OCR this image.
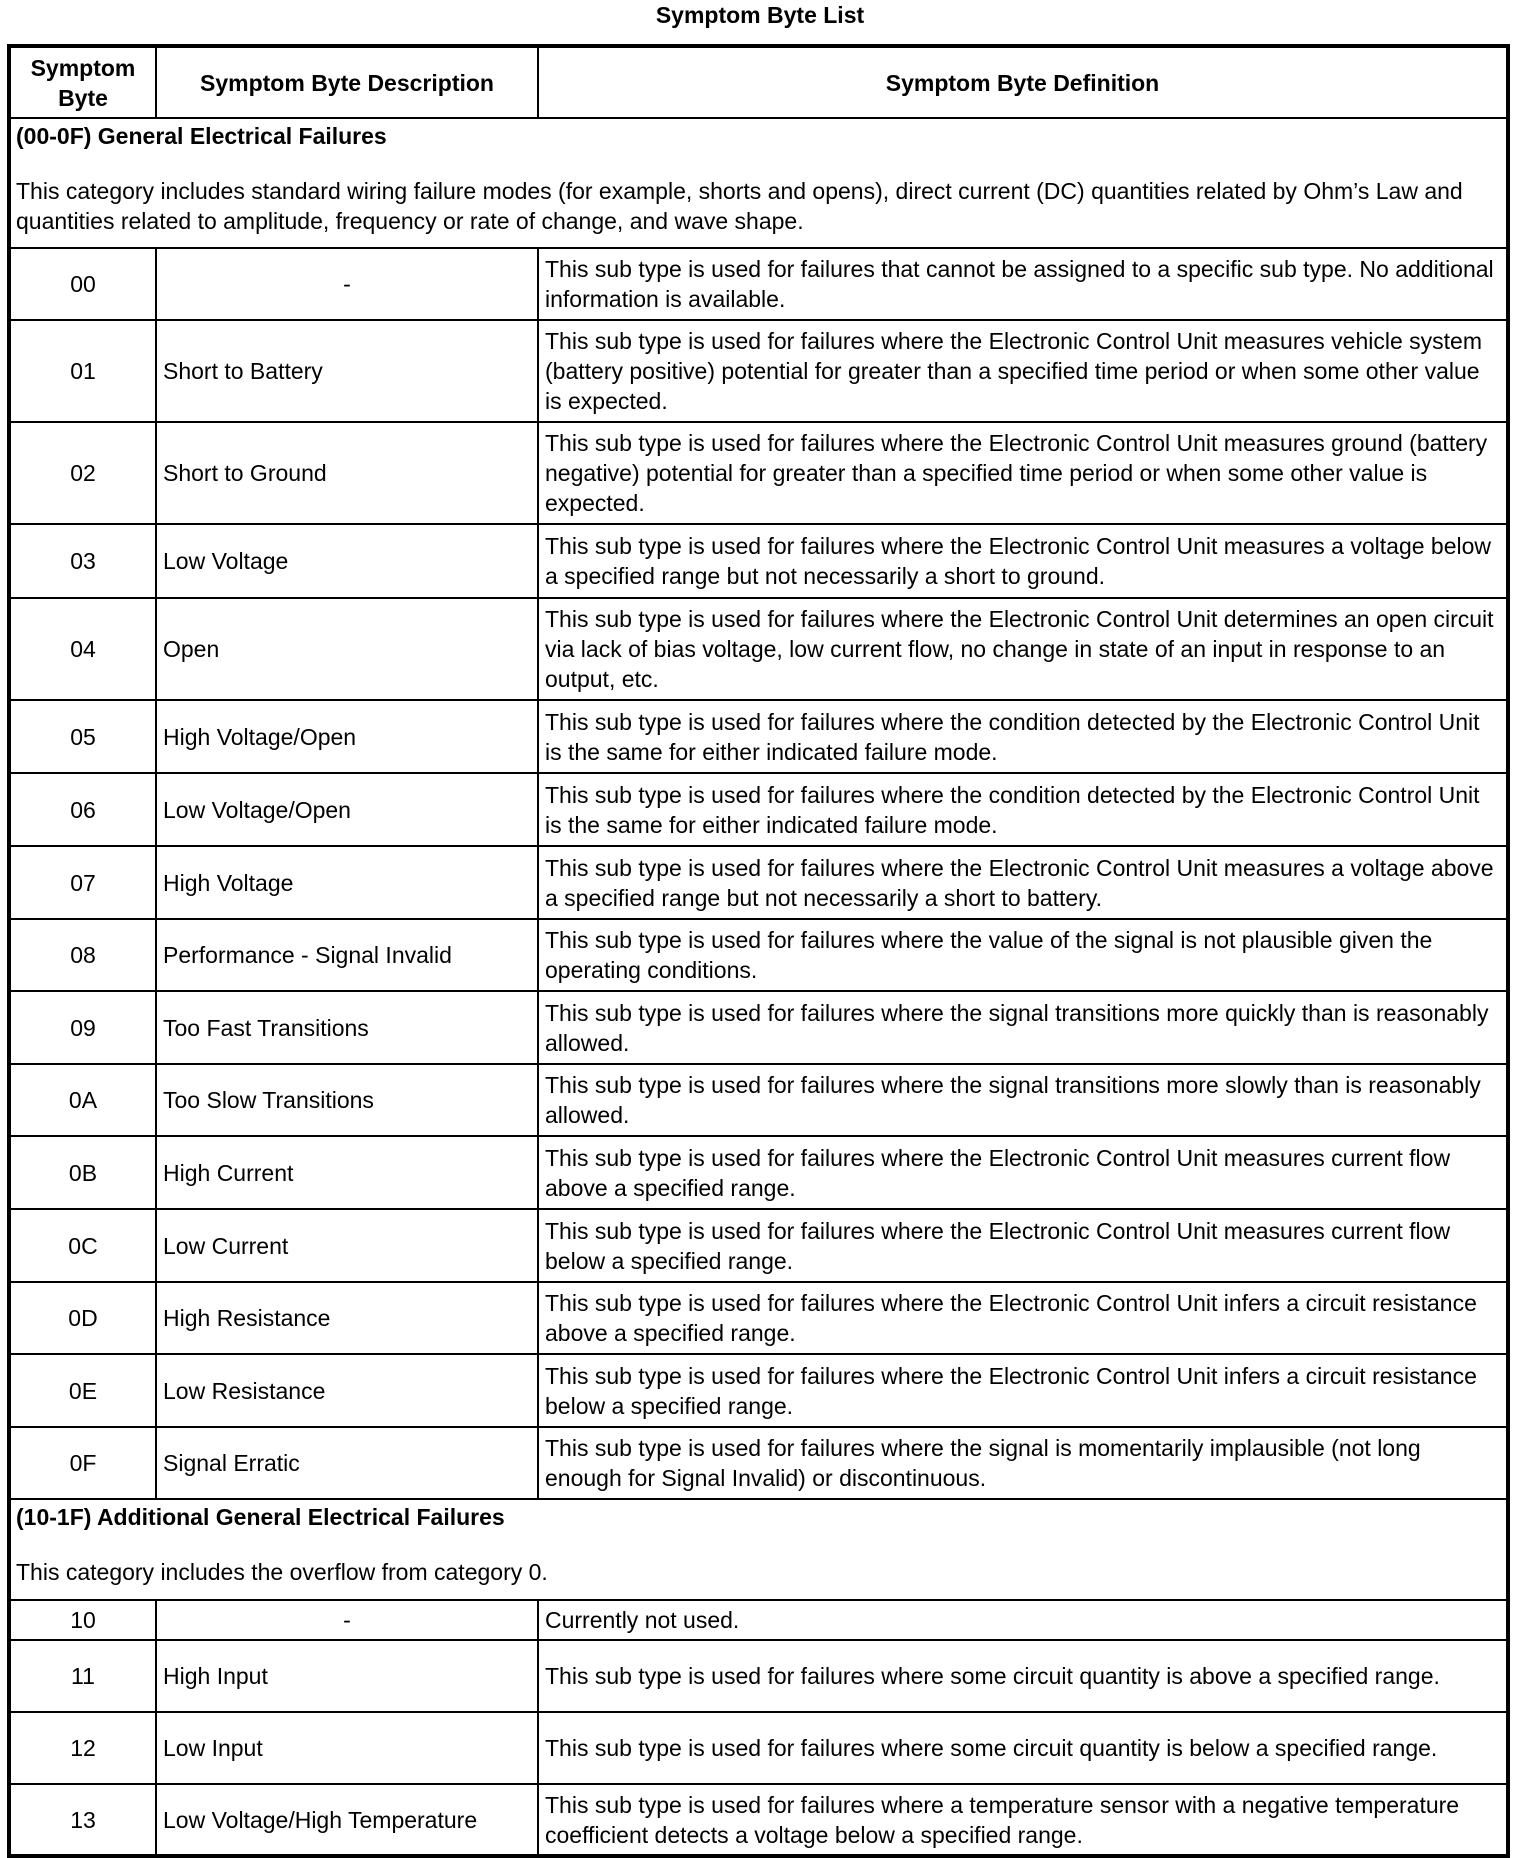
Symptom Byte List
Symptom Byte	Symptom Byte Description	Symptom Byte Definition

(00-0F) General Electrical Failures
This category includes standard wiring failure modes (for example, shorts and opens), direct current (DC) quantities related by Ohm’s Law and quantities related to amplitude, frequency or rate of change, and wave shape.		

00	-	This sub type is used for failures that cannot be assigned to a specific sub type. No additional information is available.
01	Short to Battery	This sub type is used for failures where the Electronic Control Unit measures vehicle system (battery positive) potential for greater than a specified time period or when some other value is expected.
02	Short to Ground	This sub type is used for failures where the Electronic Control Unit measures ground (battery negative) potential for greater than a specified time period or when some other value is expected.
03	Low Voltage	This sub type is used for failures where the Electronic Control Unit measures a voltage below a specified range but not necessarily a short to ground.
04	Open	This sub type is used for failures where the Electronic Control Unit determines an open circuit via lack of bias voltage, low current flow, no change in state of an input in response to an output, etc.
05	High Voltage/Open	This sub type is used for failures where the condition detected by the Electronic Control Unit is the same for either indicated failure mode.
06	Low Voltage/Open	This sub type is used for failures where the condition detected by the Electronic Control Unit is the same for either indicated failure mode.
07	High Voltage	This sub type is used for failures where the Electronic Control Unit measures a voltage above a specified range but not necessarily a short to battery.
08	Performance - Signal Invalid	This sub type is used for failures where the value of the signal is not plausible given the operating conditions.
09	Too Fast Transitions	This sub type is used for failures where the signal transitions more quickly than is reasonably allowed.
0A	Too Slow Transitions	This sub type is used for failures where the signal transitions more slowly than is reasonably allowed.
0B	High Current	This sub type is used for failures where the Electronic Control Unit measures current flow above a specified range.
0C	Low Current	This sub type is used for failures where the Electronic Control Unit measures current flow below a specified range.
0D	High Resistance	This sub type is used for failures where the Electronic Control Unit infers a circuit resistance above a specified range.
0E	Low Resistance	This sub type is used for failures where the Electronic Control Unit infers a circuit resistance below a specified range.
0F	Signal Erratic	This sub type is used for failures where the signal is momentarily implausible (not long enough for Signal Invalid) or discontinuous.

(10-1F) Additional General Electrical Failures
This category includes the overflow from category 0.		

10	-	Currently not used.
11	High Input	This sub type is used for failures where some circuit quantity is above a specified range.
12	Low Input	This sub type is used for failures where some circuit quantity is below a specified range.
13	Low Voltage/High Temperature	This sub type is used for failures where a temperature sensor with a negative temperature coefficient detects a voltage below a specified range.
